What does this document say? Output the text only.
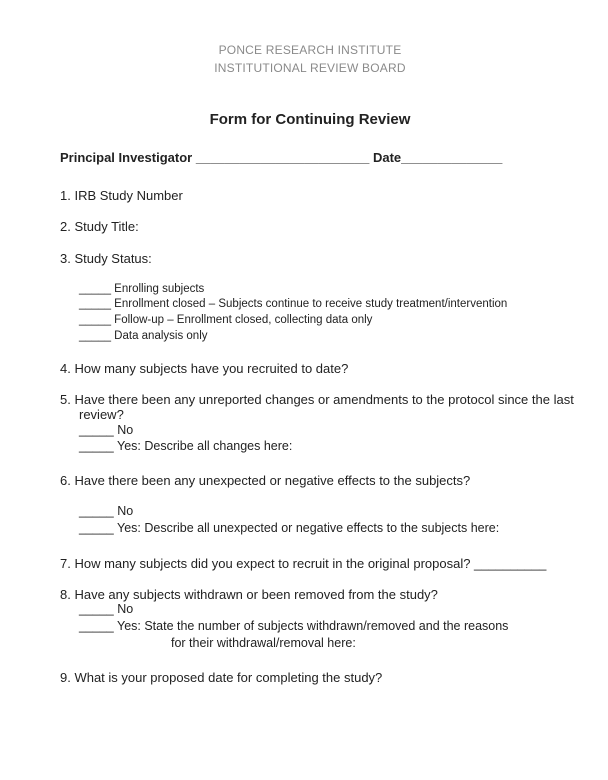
PONCE RESEARCH INSTITUTE
INSTITUTIONAL REVIEW BOARD
Form for Continuing Review
Principal Investigator ________________________ Date______________
1. IRB Study Number
2. Study Title:
3. Study Status:
_____ Enrolling subjects
_____ Enrollment closed – Subjects continue to receive study treatment/intervention
_____ Follow-up – Enrollment closed, collecting data only
_____ Data analysis only
4. How many subjects have you recruited to date?
5. Have there been any unreported changes or amendments to the protocol since the last
review?
_____ No
_____ Yes: Describe all changes here:
6. Have there been any unexpected or negative effects to the subjects?
_____ No
_____ Yes: Describe all unexpected or negative effects to the subjects here:
7. How many subjects did you expect to recruit in the original proposal? __________
8. Have any subjects withdrawn or been removed from the study?
_____ No
_____ Yes: State the number of subjects withdrawn/removed and the reasons
for their withdrawal/removal here:
9. What is your proposed date for completing the study?
